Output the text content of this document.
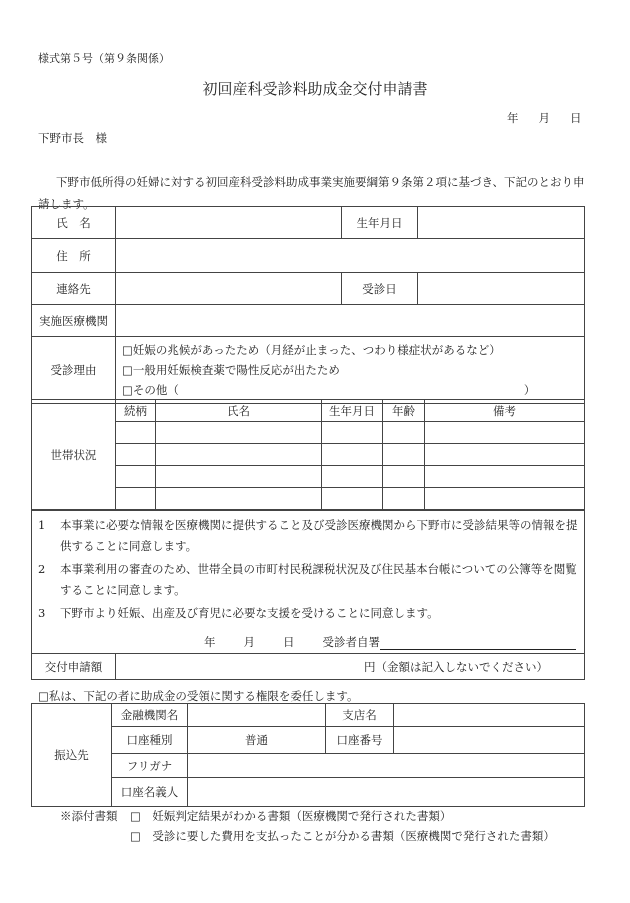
様式第５号（第９条関係）
初回産科受診料助成金交付申請書
年 月 日
下野市長　様
下野市低所得の妊婦に対する初回産科受診料助成事業実施要綱第９条第２項に基づき、下記のとおり申請します。
氏　名		生年月日	
住　所			
連絡先		受診日	
実施医療機関			
受診理由	□妊娠の兆候があったため（月経が止まった、つわり様症状があるなど）
□一般用妊娠検査薬で陽性反応が出たため
□その他（　　　　　　　　　　　　　　　　　　　　　　　　　　　　　　）		
世帯状況	続柄	氏名	生年月日	年齢	備考

1	本事業に必要な情報を医療機関に提供すること及び受診医療機関から下野市に受診結果等の情報を提供することに同意します。
2	本事業利用の審査のため、世帯全員の市町村民税課税状況及び住民基本台帳についての公簿等を閲覧することに同意します。
3	下野市より妊娠、出産及び育児に必要な支援を受けることに同意します。
年 月 日	受診者自署

交付申請額	円（金額は記入しないでください）
□私は、下記の者に助成金の受領に関する権限を委任します。
振込先	金融機関名		支店名	
	口座種別	普通	口座番号	
	フリガナ			
	口座名義人			
※添付書類	□　妊娠判定結果がわかる書類（医療機関で発行された書類）
□　受診に要した費用を支払ったことが分かる書類（医療機関で発行された書類）
